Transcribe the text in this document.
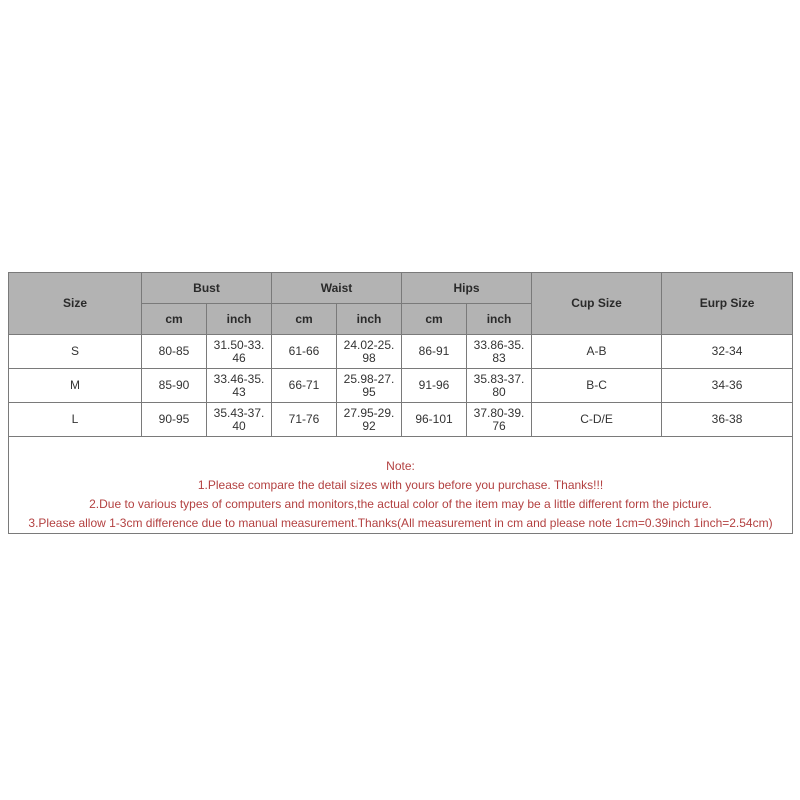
Size	Bust		Waist		Hips		Cup Size	Eurp Size
	cm	inch	cm	inch	cm	inch		
S	80-85	31.50-33.46	61-66	24.02-25.98	86-91	33.86-35.83	A-B	32-34
M	85-90	33.46-35.43	66-71	25.98-27.95	91-96	35.83-37.80	B-C	34-36
L	90-95	35.43-37.40	71-76	27.95-29.92	96-101	37.80-39.76	C-D/E	36-38

Note:
1.Please compare the detail sizes with yours before you purchase. Thanks!!!
2.Due to various types of computers and monitors,the actual color of the item may be a little different form the picture.
3.Please allow 1-3cm difference due to manual measurement.Thanks(All measurement in cm and please note 1cm=0.39inch 1inch=2.54cm)								
